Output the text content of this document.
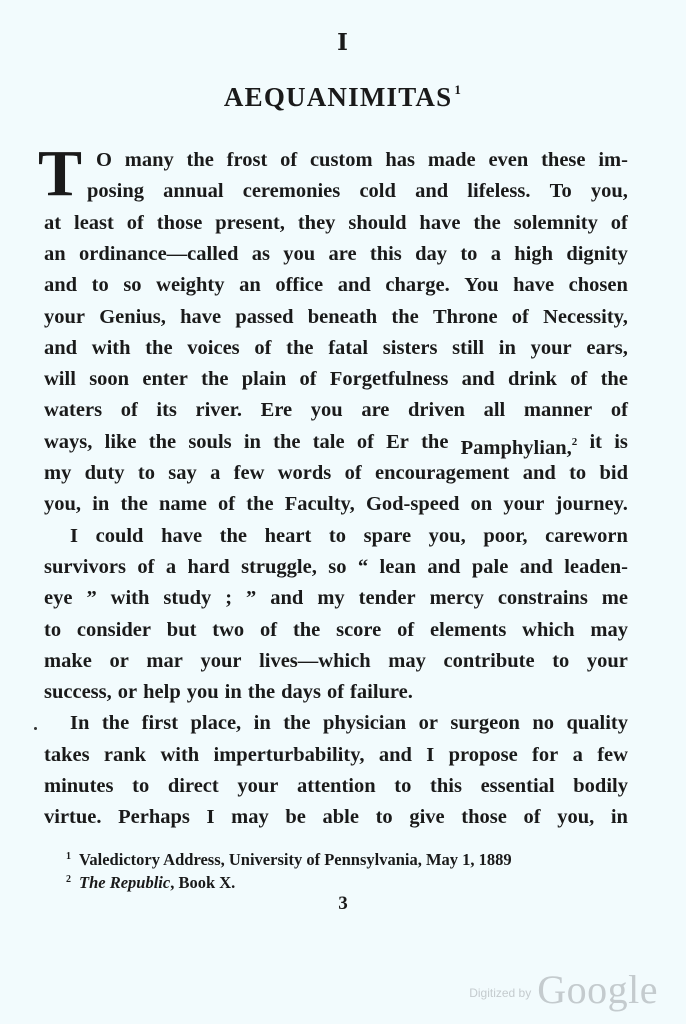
I
AEQUANIMITAS $^1$
T O many the frost of custom has made even these im-
posing annual ceremonies cold and lifeless. To you,
at least of those present, they should have the solemnity of
an ordinance—called as you are this day to a high dignity
and to so weighty an office and charge. You have chosen
your Genius, have passed beneath the Throne of Necessity,
and with the voices of the fatal sisters still in your ears,
will soon enter the plain of Forgetfulness and drink of the
waters of its river. Ere you are driven all manner of
ways, like the souls in the tale of Er the Pamphylian,$^2$ it is
my duty to say a few words of encouragement and to bid
you, in the name of the Faculty, God-speed on your journey.
I could have the heart to spare you, poor, careworn
survivors of a hard struggle, so “ lean and pale and leaden-
eye ” with study ; ” and my tender mercy constrains me
to consider but two of the score of elements which may
make or mar your lives—which may contribute to your
success, or help you in the days of failure.
In the first place, in the physician or surgeon no quality
takes rank with imperturbability, and I propose for a few
minutes to direct your attention to this essential bodily
virtue. Perhaps I may be able to give those of you, in
$^1$ Valedictory Address, University of Pennsylvania, May 1, 1889
$^2$ The Republic, Book X.
3
$^{Digitized by}$ Google
